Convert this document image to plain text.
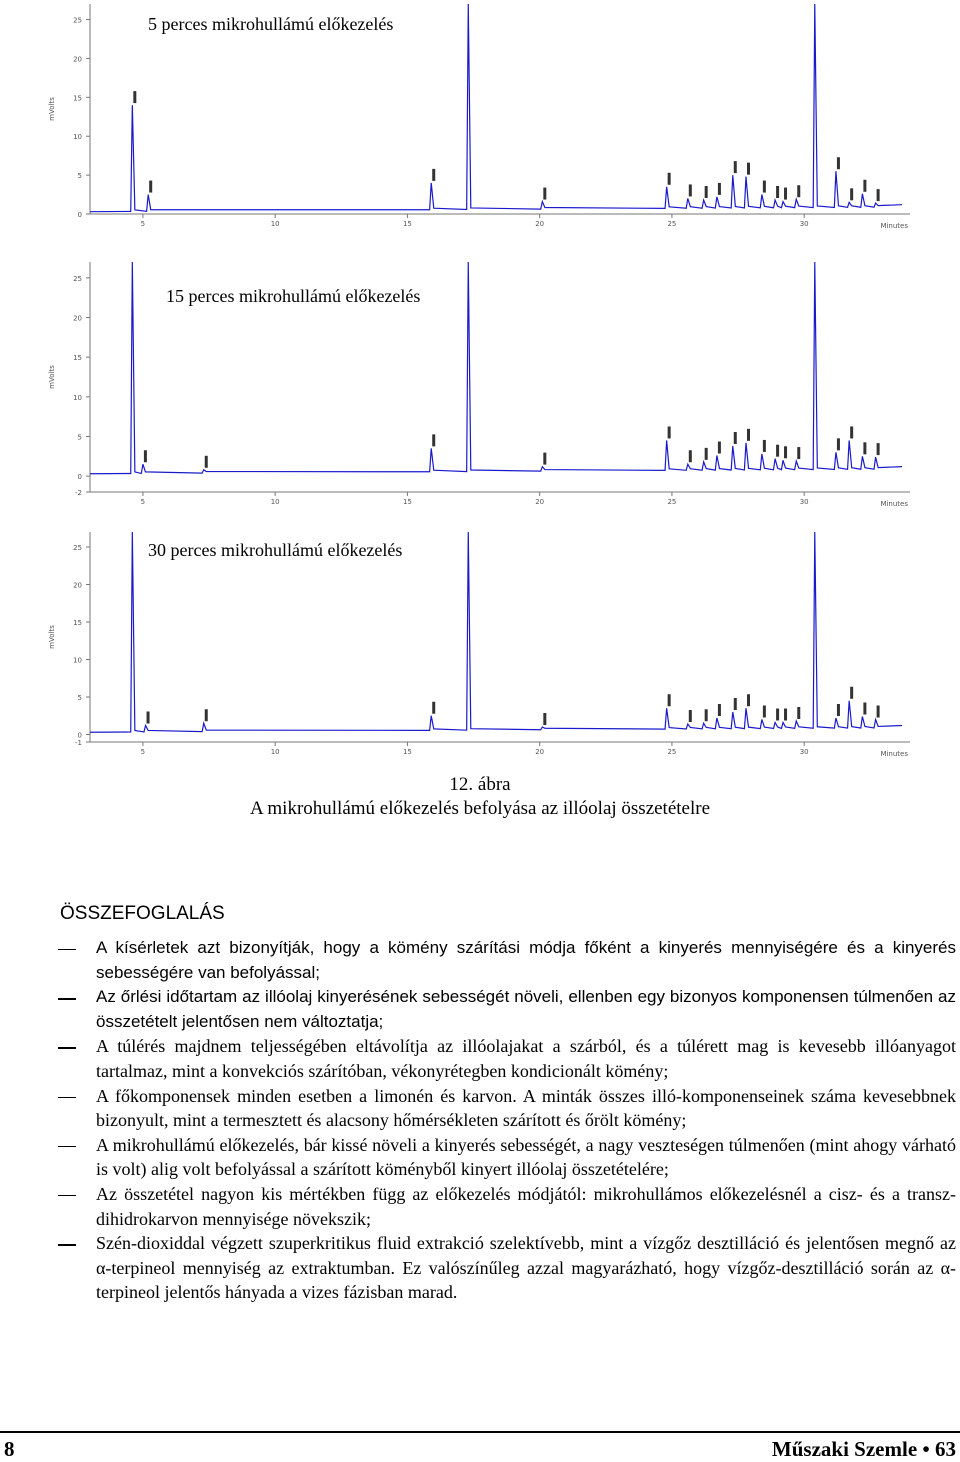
0
5
10
15
20
25
5	10	15	20	25	30	Minutes
mVolts
5 perces mikrohullámú előkezelés
-2
0
5
10
15
20
25
5	10	15	20	25	30	Minutes
mVolts
15 perces mikrohullámú előkezelés
-1
0
5
10
15
20
25
5	10	15	20	25	30	Minutes
mVolts
30 perces mikrohullámú előkezelés
12. ábra
A mikrohullámú előkezelés befolyása az illóolaj összetételre
ÖSSZEFOGLALÁS
A kísérletek azt bizonyítják, hogy a kömény szárítási módja főként a kinyerés mennyiségére és a kinyerés sebességére van befolyással;
Az őrlési időtartam az illóolaj kinyerésének sebességét növeli, ellenben egy bizonyos komponensen túlmenően az összetételt jelentősen nem változtatja;
A túlérés majdnem teljességében eltávolítja az illóolajakat a szárból, és a túlérett mag is kevesebb illóanyagot tartalmaz, mint a konvekciós szárítóban, vékonyrétegben kondicionált kömény;
A főkomponensek minden esetben a limonén és karvon. A minták összes illó-komponenseinek száma kevesebbnek bizonyult, mint a termesztett és alacsony hőmérsékleten szárított és őrölt kömény;
A mikrohullámú előkezelés, bár kissé növeli a kinyerés sebességét, a nagy veszteségen túlmenően (mint ahogy várható is volt) alig volt befolyással a szárított köményből kinyert illóolaj összetételére;
Az összetétel nagyon kis mértékben függ az előkezelés módjától: mikrohullámos előkezelésnél a cisz- és a transz-dihidrokarvon mennyisége növekszik;
Szén-dioxiddal végzett szuperkritikus fluid extrakció szelektívebb, mint a vízgőz desztilláció és jelentősen megnő az α-terpineol mennyiség az extraktumban. Ez valószínűleg azzal magyarázható, hogy vízgőz-desztilláció során az α-terpineol jelentős hányada a vizes fázisban marad.
8	Műszaki Szemle • 63
